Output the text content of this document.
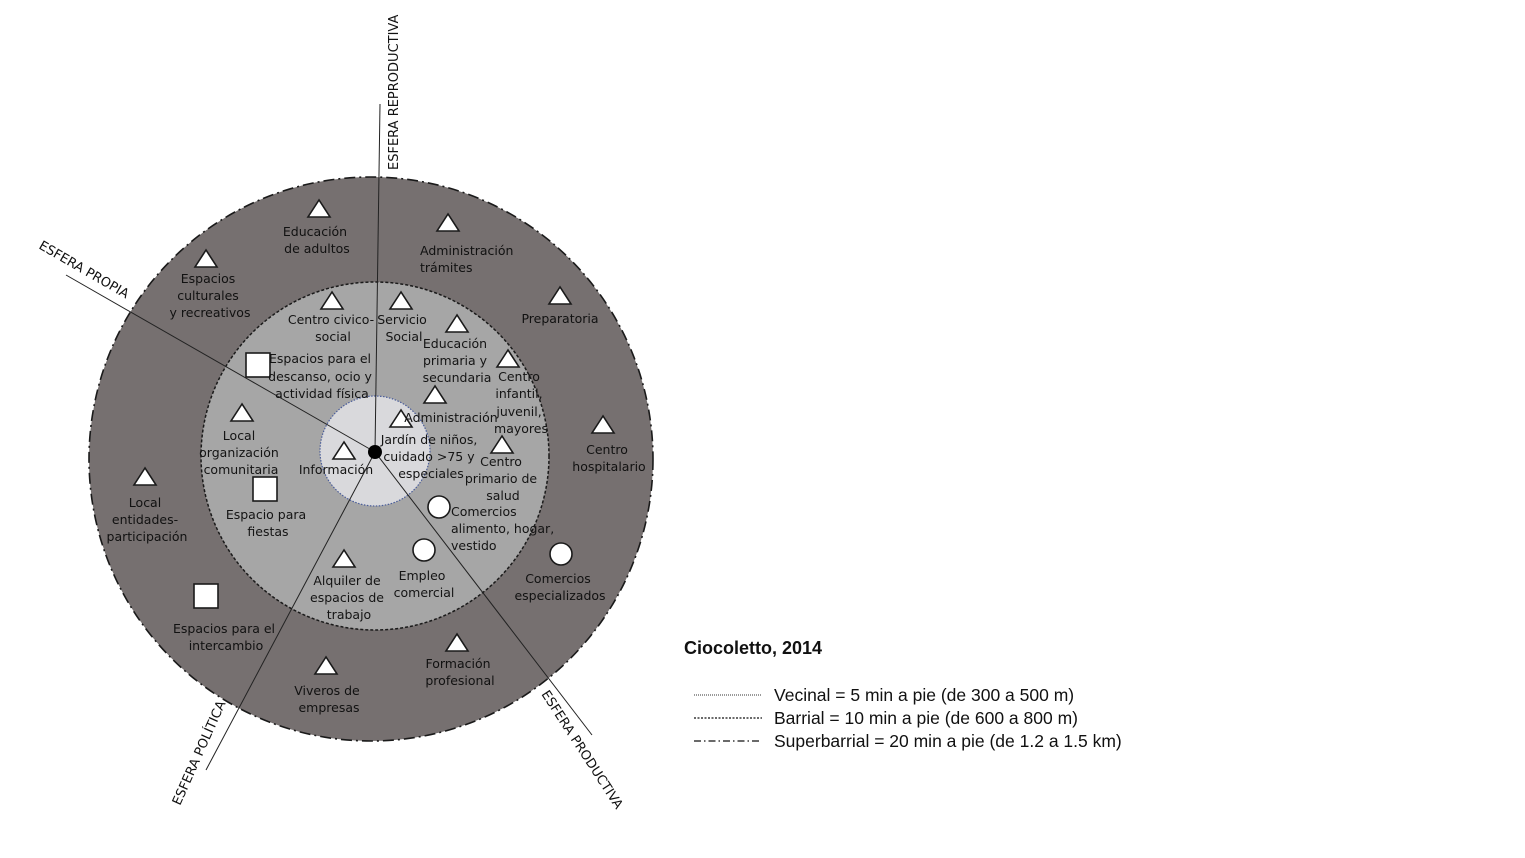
ESFERA REPRODUCTIVA
ESFERA PROPIA
ESFERA POLÍTICA	ESFERA PRODUCTIVA
Educación de adultos	Administración trámites
Espacios culturales y recreativos	Preparatoria
Centro hospitalario
Local entidades- participación
Comercios especializados
Espacios para el intercambio
Formación profesional
Viveros de empresas
Centro civico- social
Servicio Social Educación primaria y secundaria
Espacios para el descanso, ocio y actividad física
Centro infantil, juvenil, mayores
Administración
Local organización comunitaria
Centro primario de salud
Espacio para fiestas
Comercios alimento, hogar, vestido
Alquiler de espacios de trabajo
Empleo comercial
Jardín de niños, cuidado >75 y especiales
Información
Ciocoletto, 2014
Vecinal = 5 min a pie (de 300 a 500 m)
Barrial = 10 min a pie (de 600 a 800 m)
Superbarrial = 20 min a pie (de 1.2 a 1.5 km)
